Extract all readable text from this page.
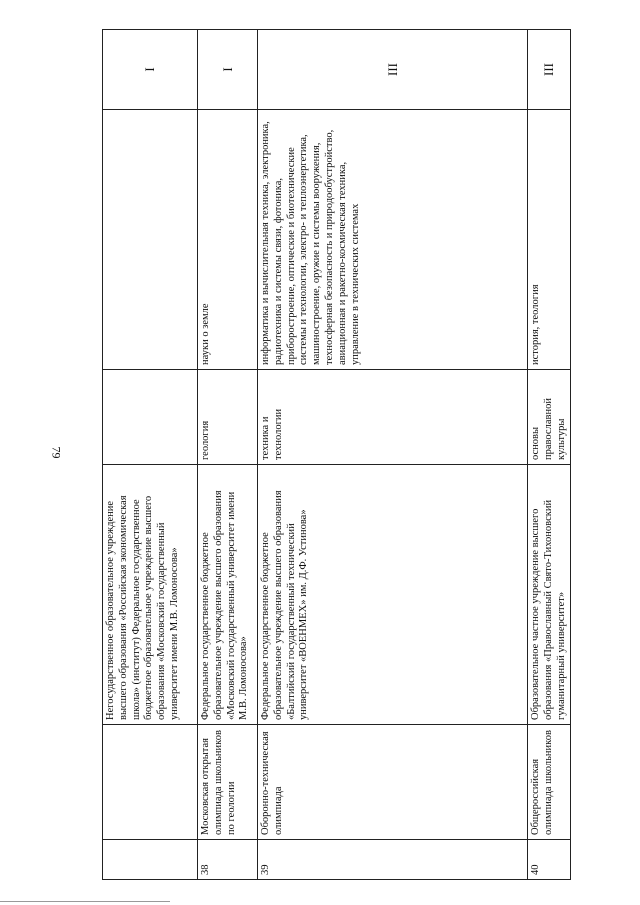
79
		Негосударственное образовательное учреждение высшего образования «Российская экономическая школа» (институт) Федеральное государственное бюджетное образовательное учреждение высшего образования «Московский государственный университет имени М.В. Ломоносова»			I
38	Московская открытая олимпиада школьников по геологии	Федеральное государственное бюджетное образовательное учреждение высшего образования «Московский государственный университет имени М.В. Ломоносова»	геология	науки о земле	I
39	Оборонно-техническая олимпиада	Федеральное государственное бюджетное образовательное учреждение высшего образования «Балтийский государственный технический университет «ВОЕНМЕХ» им. Д.Ф. Устинова»	техника и технологии	информатика и вычислительная техника, электроника, радиотехника и системы связи, фотоника, приборостроение, оптические и биотехнические системы и технологии, электро- и теплоэнергетика, машиностроение, оружие и системы вооружения, техносферная безопасность и природообустройство, авиационная и ракетно-космическая техника, управление в технических системах	III
40	Общероссийская олимпиада школьников	Образовательное частное учреждение высшего образования «Православный Свято-Тихоновский гуманитарный университет»	основы православной культуры	история, теология	III
